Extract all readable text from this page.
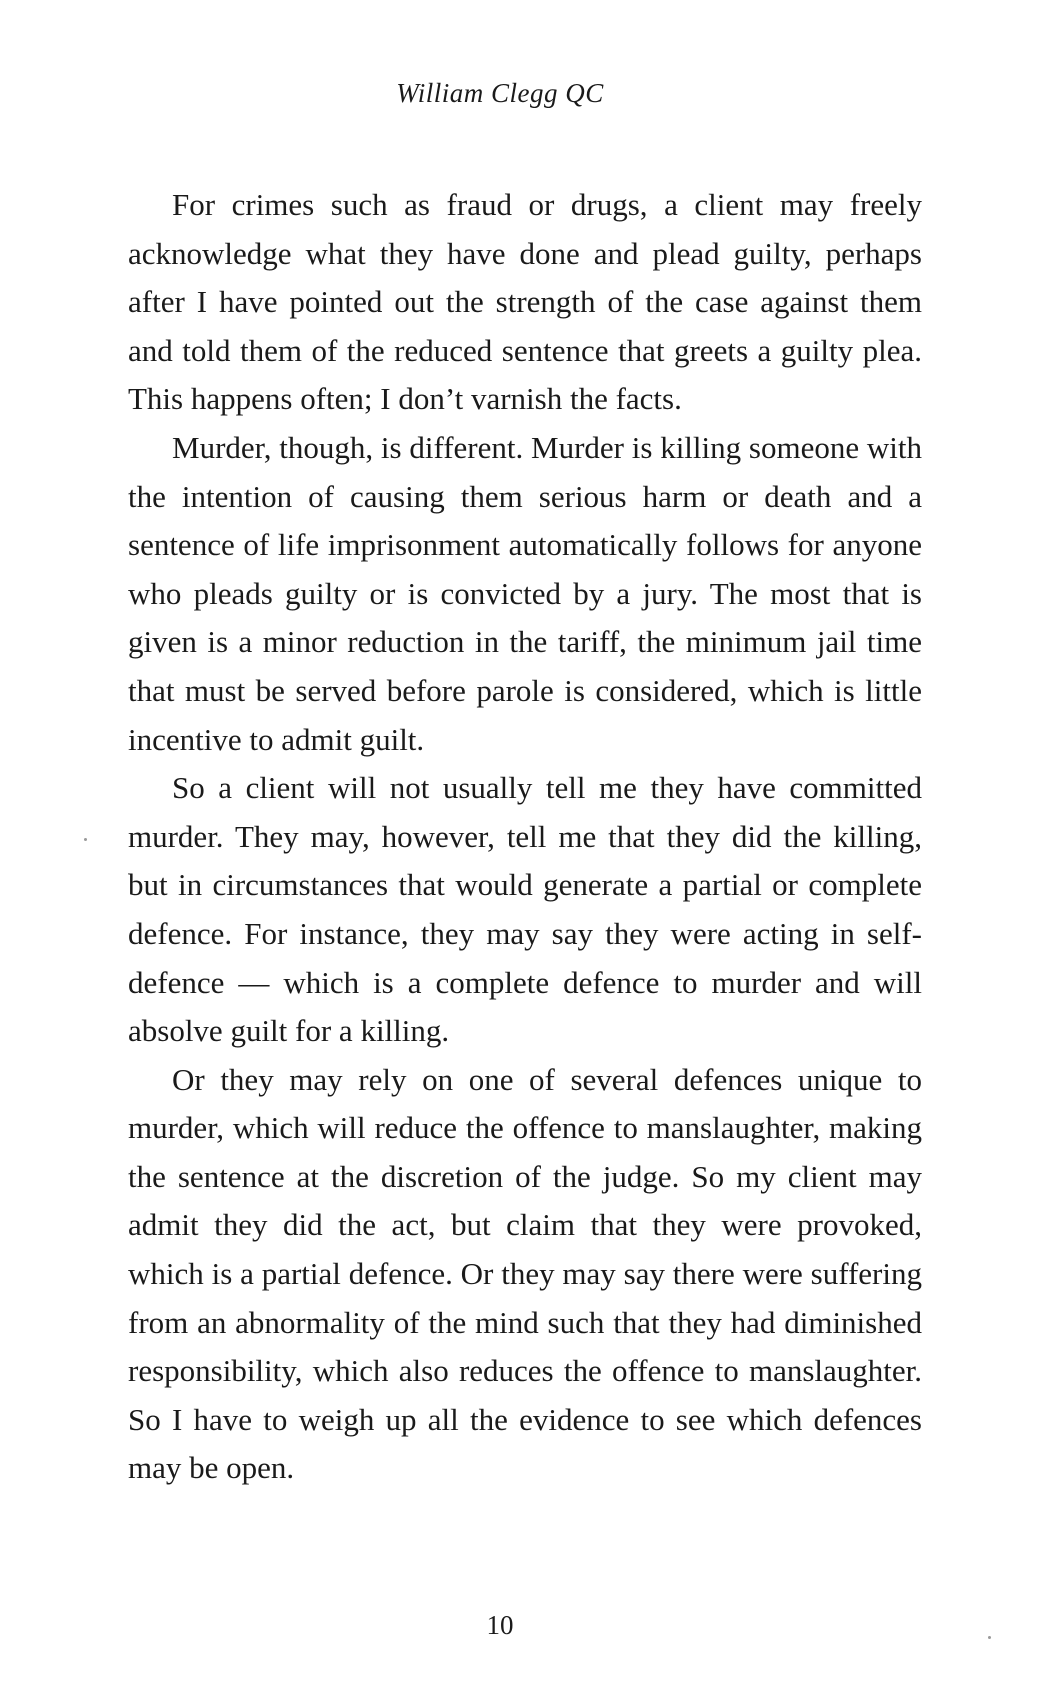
William Clegg QC

For crimes such as fraud or drugs, a client may freely acknowledge what they have done and plead guilty, perhaps after I have pointed out the strength of the case against them and told them of the reduced sentence that greets a guilty plea. This happens often; I don’t varnish the facts.

Murder, though, is different. Murder is killing someone with the intention of causing them serious harm or death and a sentence of life imprisonment automatically follows for anyone who pleads guilty or is convicted by a jury. The most that is given is a minor reduction in the tariff, the minimum jail time that must be served before parole is considered, which is little incentive to admit guilt.

So a client will not usually tell me they have committed murder. They may, however, tell me that they did the killing, but in circumstances that would generate a partial or complete defence. For instance, they may say they were acting in self-defence — which is a complete defence to murder and will absolve guilt for a killing.

Or they may rely on one of several defences unique to murder, which will reduce the offence to manslaughter, making the sentence at the discretion of the judge. So my client may admit they did the act, but claim that they were provoked, which is a partial defence. Or they may say there were suffering from an abnormality of the mind such that they had diminished responsibility, which also reduces the offence to manslaughter. So I have to weigh up all the evidence to see which defences may be open.

10
